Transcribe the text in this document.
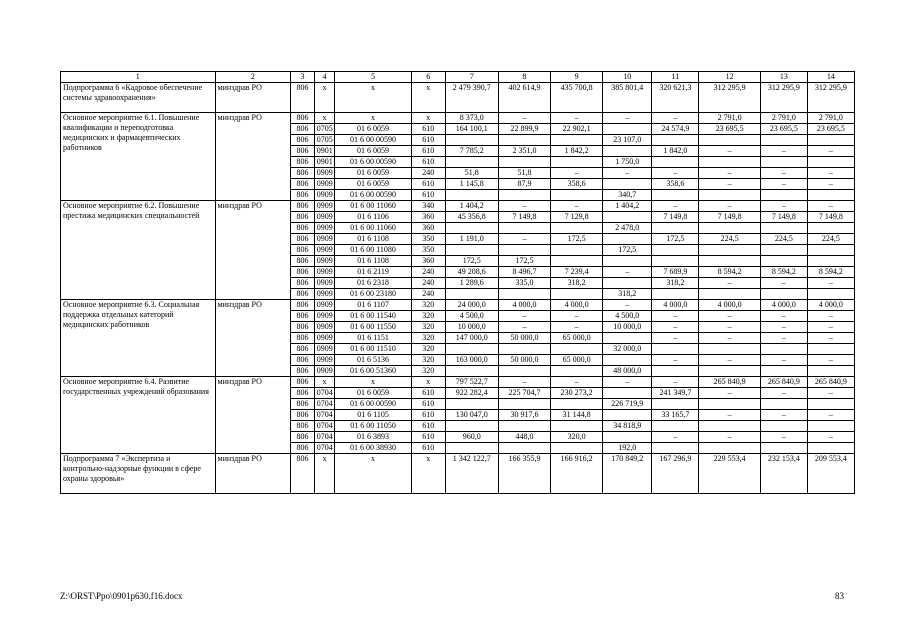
1	2	3	4	5	6	7	8	9	10	11	12	13	14
Подпрограмма 6 «Кадровое обеспечение системы здравоохранения»	минздрав РО	806	x	x	x	2 479 390,7	402 614,9	435 700,8	385 801,4	320 621,3	312 295,9	312 295,9	312 295,9
Основное мероприятие 6.1. Повышение квалификации и переподготовка медицинских и фармацевтических работников	минздрав РО	806	x	x	x	8 373,0	–	–	–	–	2 791,0	2 791,0	2 791,0
		806	0705	01 6 0059	610	164 100,1	22 899,9	22 902,1		24 574,9	23 695,5	23 695,5	23 695,5
		806	0705	01 6 00 00590	610				23 107,0				
		806	0901	01 6 0059	610	7 785,2	2 351,0	1 842,2		1 842,0	–	–	–
		806	0901	01 6 00 00590	610				1 750,0				
		806	0909	01 6 0059	240	51,8	51,8	–	–	–	–	–	–
		806	0909	01 6 0059	610	1 145,8	87,9	358,6		358,6	–	–	–
		806	0909	01 6 00 00590	610				340,7				
Основное мероприятие 6.2. Повышение престижа медицинских специальностей	минздрав РО	806	0909	01 6 00 11060	340	1 404,2	–	–	1 404,2	–	–	–	–
		806	0909	01 6 1106	360	45 356,8	7 149,8	7 129,8		7 149,8	7 149,8	7 149,8	7 149,8
		806	0909	01 6 00 11060	360				2 478,0				
		806	0909	01 6 1108	350	1 191,0	–	172,5		172,5	224,5	224,5	224,5
		806	0909	01 6 00 11080	350				172,5				
		806	0909	01 6 1108	360	172,5	172,5						
		806	0909	01 6 2119	240	49 208,6	8 496,7	7 239,4	–	7 689,9	8 594,2	8 594,2	8 594,2
		806	0909	01 6 2318	240	1 289,6	335,0	318,2		318,2	–	–	–
		806	0909	01 6 00 23180	240				318,2				
Основное мероприятие 6.3. Социальная поддержка отдельных категорий медицинских работников	минздрав РО	806	0909	01 6 1107	320	24 000,0	4 000,0	4 000,0	–	4 000,0	4 000,0	4 000,0	4 000,0
		806	0909	01 6 00 11540	320	4 500,0	–	–	4 500,0	–	–	–	–
		806	0909	01 6 00 11550	320	10 000,0	–	–	10 000,0	–	–	–	–
		806	0909	01 6 1151	320	147 000,0	50 000,0	65 000,0		–	–	–	–
		806	0909	01 6 00 11510	320				32 000,0				
		806	0909	01 6 5136	320	163 000,0	50 000,0	65 000,0		–	–	–	–
		806	0909	01 6 00 51360	320				48 000,0				
Основное мероприятие 6.4. Развитие государственных учреждений образования	минздрав РО	806	x	x	x	797 522,7	–	–	–	–	265 840,9	265 840,9	265 840,9
		806	0704	01 6 0059	610	922 282,4	225 704,7	230 273,2		241 349,7	–	–	–
		806	0704	01 6 00 00590	610				226 719,9				
		806	0704	01 6 1105	610	130 047,0	30 917,6	31 144,8		33 165,7	–	–	–
		806	0704	01 6 00 11050	610				34 818,9				
		806	0704	01 6 3893	610	960,0	448,0	320,0		–	–	–	–
		806	0704	01 6 00 38930	610				192,0				
Подпрограмма 7 «Экспертиза и контрольно-надзорные функции в сфере охраны здоровья»	минздрав РО	806	x	x	x	1 342 122,7	166 355,9	166 916,2	170 849,2	167 296,9	229 553,4	232 153,4	209 553,4
Z:\ORST\Ppo\0901p630.f16.docx	83
